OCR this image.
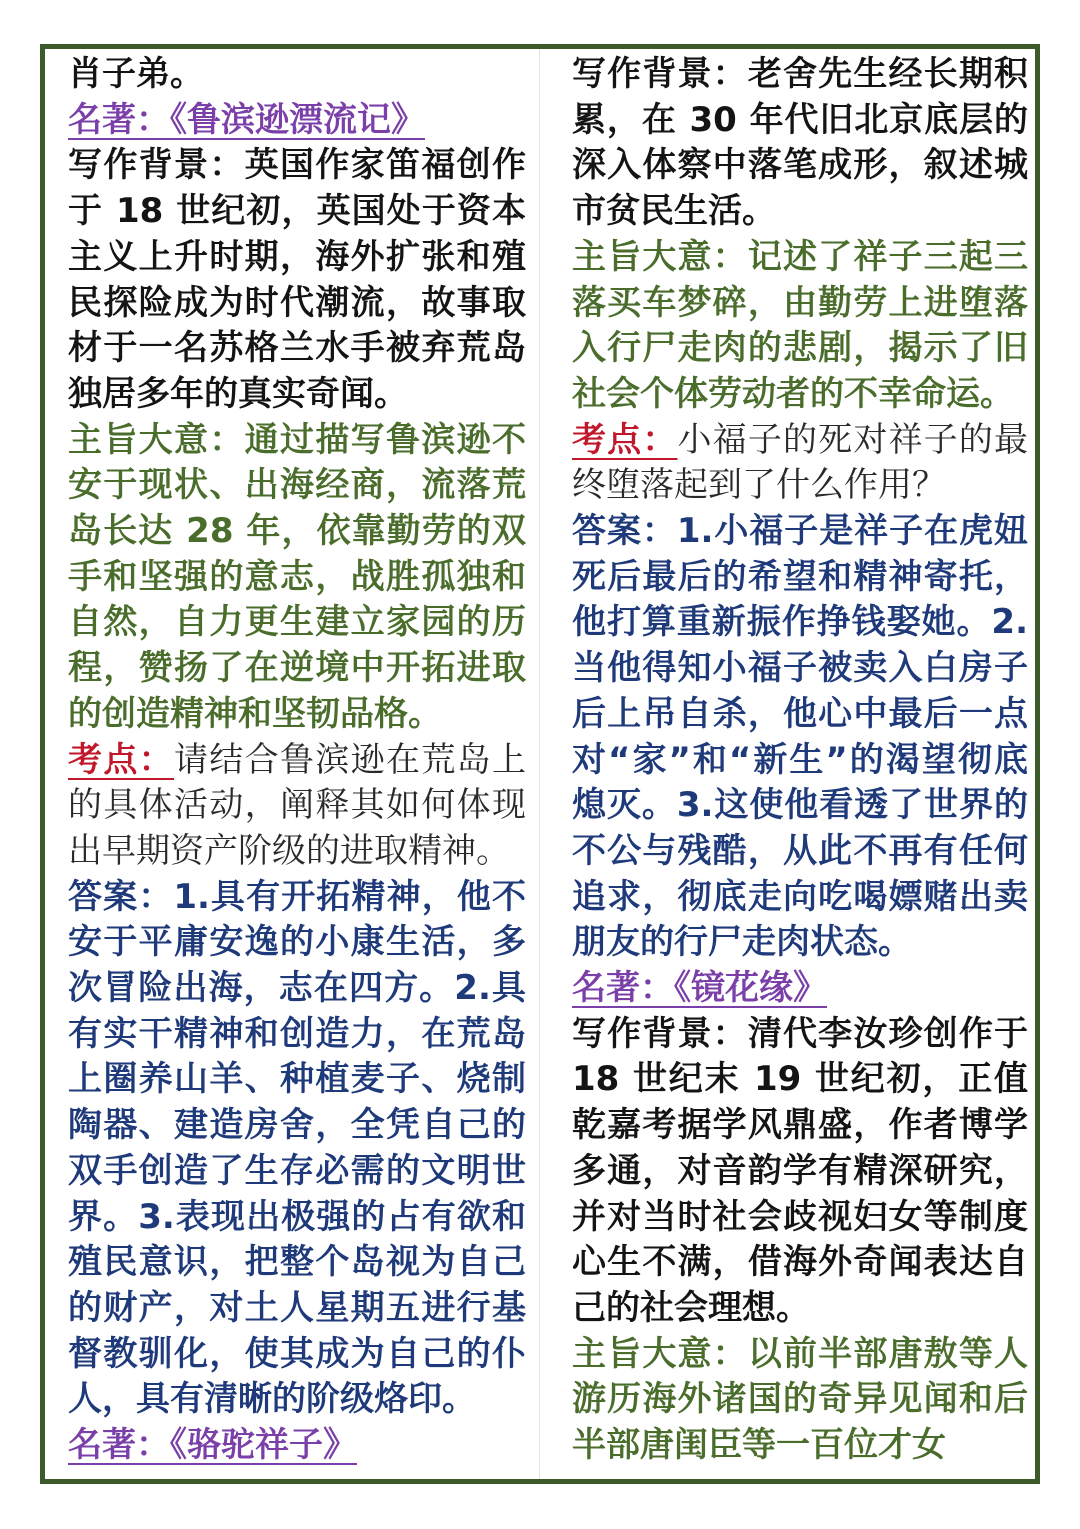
肖子弟。

名著：《鲁滨逊漂流记》

写作背景：英国作家笛福创作于 18 世纪初，英国处于资本主义上升时期，海外扩张和殖民探险成为时代潮流，故事取材于一名苏格兰水手被弃荒岛独居多年的真实奇闻。

主旨大意：通过描写鲁滨逊不安于现状、出海经商，流落荒岛长达 28 年，依靠勤劳的双手和坚强的意志，战胜孤独和自然，自力更生建立家园的历程，赞扬了在逆境中开拓进取的创造精神和坚韧品格。

考点：请结合鲁滨逊在荒岛上的具体活动，阐释其如何体现出早期资产阶级的进取精神。

答案：1.具有开拓精神，他不安于平庸安逸的小康生活，多次冒险出海，志在四方。2.具有实干精神和创造力，在荒岛上圈养山羊、种植麦子、烧制陶器、建造房舍，全凭自己的双手创造了生存必需的文明世界。3.表现出极强的占有欲和殖民意识，把整个岛视为自己的财产，对土人星期五进行基督教驯化，使其成为自己的仆人，具有清晰的阶级烙印。

名著：《骆驼祥子》

写作背景：老舍先生经长期积累，在 30 年代旧北京底层的深入体察中落笔成形，叙述城市贫民生活。

主旨大意：记述了祥子三起三落买车梦碎，由勤劳上进堕落入行尸走肉的悲剧，揭示了旧社会个体劳动者的不幸命运。

考点：小福子的死对祥子的最终堕落起到了什么作用？

答案：1.小福子是祥子在虎妞死后最后的希望和精神寄托，他打算重新振作挣钱娶她。2.当他得知小福子被卖入白房子后上吊自杀，他心中最后一点对“家”和“新生”的渴望彻底熄灭。3.这使他看透了世界的不公与残酷，从此不再有任何追求，彻底走向吃喝嫖赌出卖朋友的行尸走肉状态。

名著：《镜花缘》

写作背景：清代李汝珍创作于 18 世纪末 19 世纪初，正值乾嘉考据学风鼎盛，作者博学多通，对音韵学有精深研究，并对当时社会歧视妇女等制度心生不满，借海外奇闻表达自己的社会理想。

主旨大意：以前半部唐敖等人游历海外诸国的奇异见闻和后半部唐闺臣等一百位才女
